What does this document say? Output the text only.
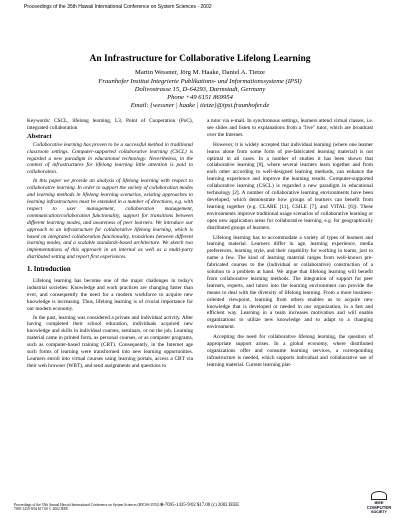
Proceedings of the 35th Hawaii International Conference on System Sciences - 2002
An Infrastructure for Collaborative Lifelong Learning
Martin Wessner, Jörg M. Haake, Daniel A. Tietze
Fraunhofer Institut Integrierte Publikations- und Informationssysteme (IPSI)
Dolivostrasse 15, D-64293, Darmstadt, Germany
Phone +49 6151 869954
Email: {wessner | haake | tietze}@ipsi.fraunhofer.de
Keywords: CSCL, lifelong learning, L3, Point of Cooperation (PoC), integrated collaboration
Abstract

Collaborative learning has proven to be a successful method in traditional classroom settings. Computer-supported collaborative learning (CSCL) is regarded a new paradigm in educational technology. Nevertheless, in the context of infrastructures for lifelong learning little attention is paid to collaboration.

In this paper we provide an analysis of lifelong learning with respect to collaborative learning. In order to support the variety of collaboration modes and learning methods in lifelong learning scenarios, existing approaches to learning infrastructures must be extended in a number of directions, e.g. with respect to user management, collaboration management, communication/collaboration functionality, support for transitions between different learning modes, and awareness of peer learners. We introduce our approach to an infrastructure for collaborative lifelong learning, which is based on integrated collaboration functionality, transitions between different learning modes, and a scalable standards-based architecture. We sketch two implementations of this approach in an internal as well as a multi-party distributed setting and report first experiences.

1. Introduction

Lifelong learning has become one of the major challenges in today's industrial societies: Knowledge and work practices are changing faster than ever, and consequently the need for a modern workforce to acquire new knowledge is increasing. Thus, lifelong learning is of crucial importance for our modern economy.

In the past, learning was considered a private and individual activity. After having completed their school education, individuals acquired new knowledge and skills in individual courses, seminars, or on the job. Learning material came in printed form, as personal courses, or as computer programs, such as computer-based training (CBT). Consequently, in the Internet age such forms of learning were transformed into new learning opportunities. Learners enroll into virtual courses using learning portals, access a CBT via their web browser (WBT), and send assignments and questions to

a tutor via e-mail. In synchronous settings, learners attend virtual classes, i.e. see slides and listen to explanations from a "live" tutor, which are broadcast over the Internet.

However, it is widely accepted that individual learning (where one learner learns alone from some form of pre-fabricated learning material) is not optimal in all cases. In a number of studies it has been shown that collaborative learning [8], where several learners learn together and from each other according to well-designed learning methods, can enhance the learning experience and improve the learning results. Computer-supported collaborative learning (CSCL) is regarded a new paradigm in educational technology [2]. A number of collaborative learning environments have been developed, which demonstrate how groups of learners can benefit from learning together (e.g. CLARE [11], CSILE [7], and VITAL [6]). These environments improve traditional usage scenarios of collaborative learning or open new application areas for collaborative learning, e.g. for geographically distributed groups of learners.

Lifelong learning has to accommodate a variety of types of learners and learning material. Learners differ in age, learning experience, media preferences, learning style, and their capability for working in teams, just to name a few. The kind of learning material ranges from well-known pre-fabricated courses to the (individual or collaborative) construction of a solution to a problem at hand. We argue that lifelong learning will benefit from collaborative learning methods. The integration of support for peer learners, experts, and tutors into the learning environment can provide the means to deal with the diversity of lifelong learning. From a more business-oriented viewpoint, learning from others enables us to acquire new knowledge that is developed or needed in our organization, in a fast and efficient way. Learning in a team increases motivation and will enable organizations to utilize new knowledge and to adapt to a changing environment.

Accepting the need for collaborative lifelong learning, the question of appropriate support arises. In a global economy, where distributed organizations offer and consume learning services, a corresponding infrastructure is needed, which supports individual and collaborative use of learning material. Current learning plat-

Proceedings of the 35th Annual Hawaii International Conference on System Sciences (HICSS-35'02) 0-7695-1435-9/02 $17.00 © 2002 IEEE
0-7695-1435-9/02 $17.00 (c) 2002 IEEE
IEEE
COMPUTER
SOCIETY
